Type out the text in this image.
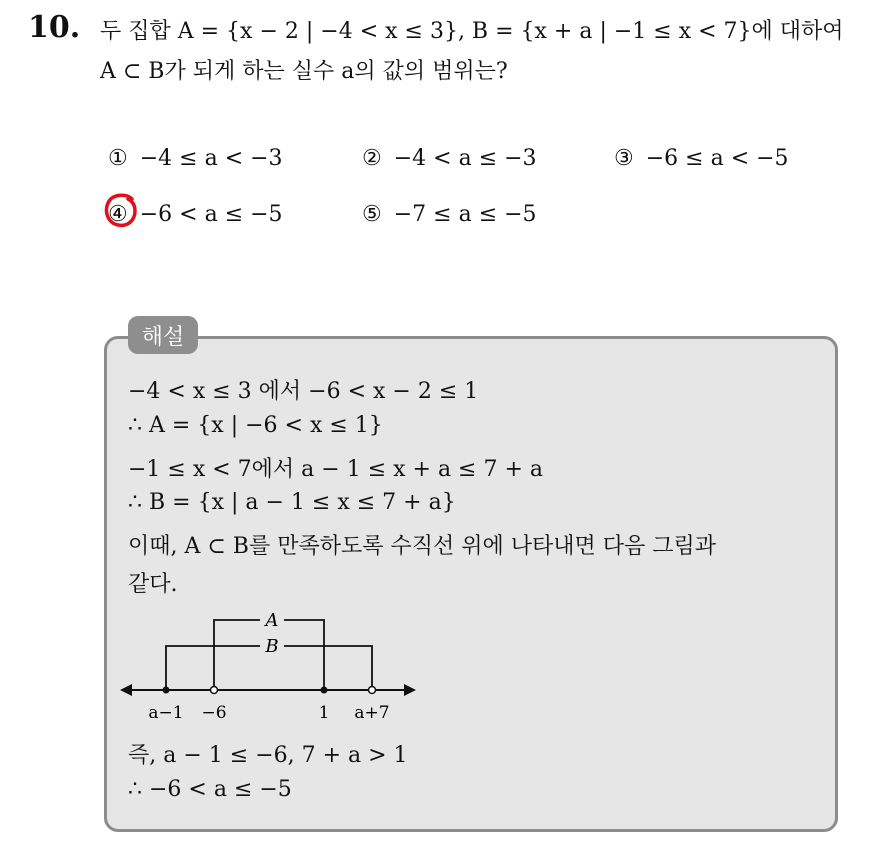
10. 두 집합 A = {x − 2 | −4 < x ≤ 3}, B = {x + a | −1 ≤ x < 7}에 대하여
A ⊂ B가 되게 하는 실수 a의 값의 범위는?
① −4 ≤ a < −3	② −4 < a ≤ −3	③ −6 ≤ a < −5
④ −6 < a ≤ −5	⑤ −7 ≤ a ≤ −5
해설
−4 < x ≤ 3 에서 −6 < x − 2 ≤ 1
∴ A = {x | −6 < x ≤ 1}
−1 ≤ x < 7에서 a − 1 ≤ x + a ≤ 7 + a
∴ B = {x | a − 1 ≤ x ≤ 7 + a}
이때, A ⊂ B를 만족하도록 수직선 위에 나타내면 다음 그림과
같다.
A
B
a−1 −6	1 a+7
즉, a − 1 ≤ −6, 7 + a > 1
∴ −6 < a ≤ −5
